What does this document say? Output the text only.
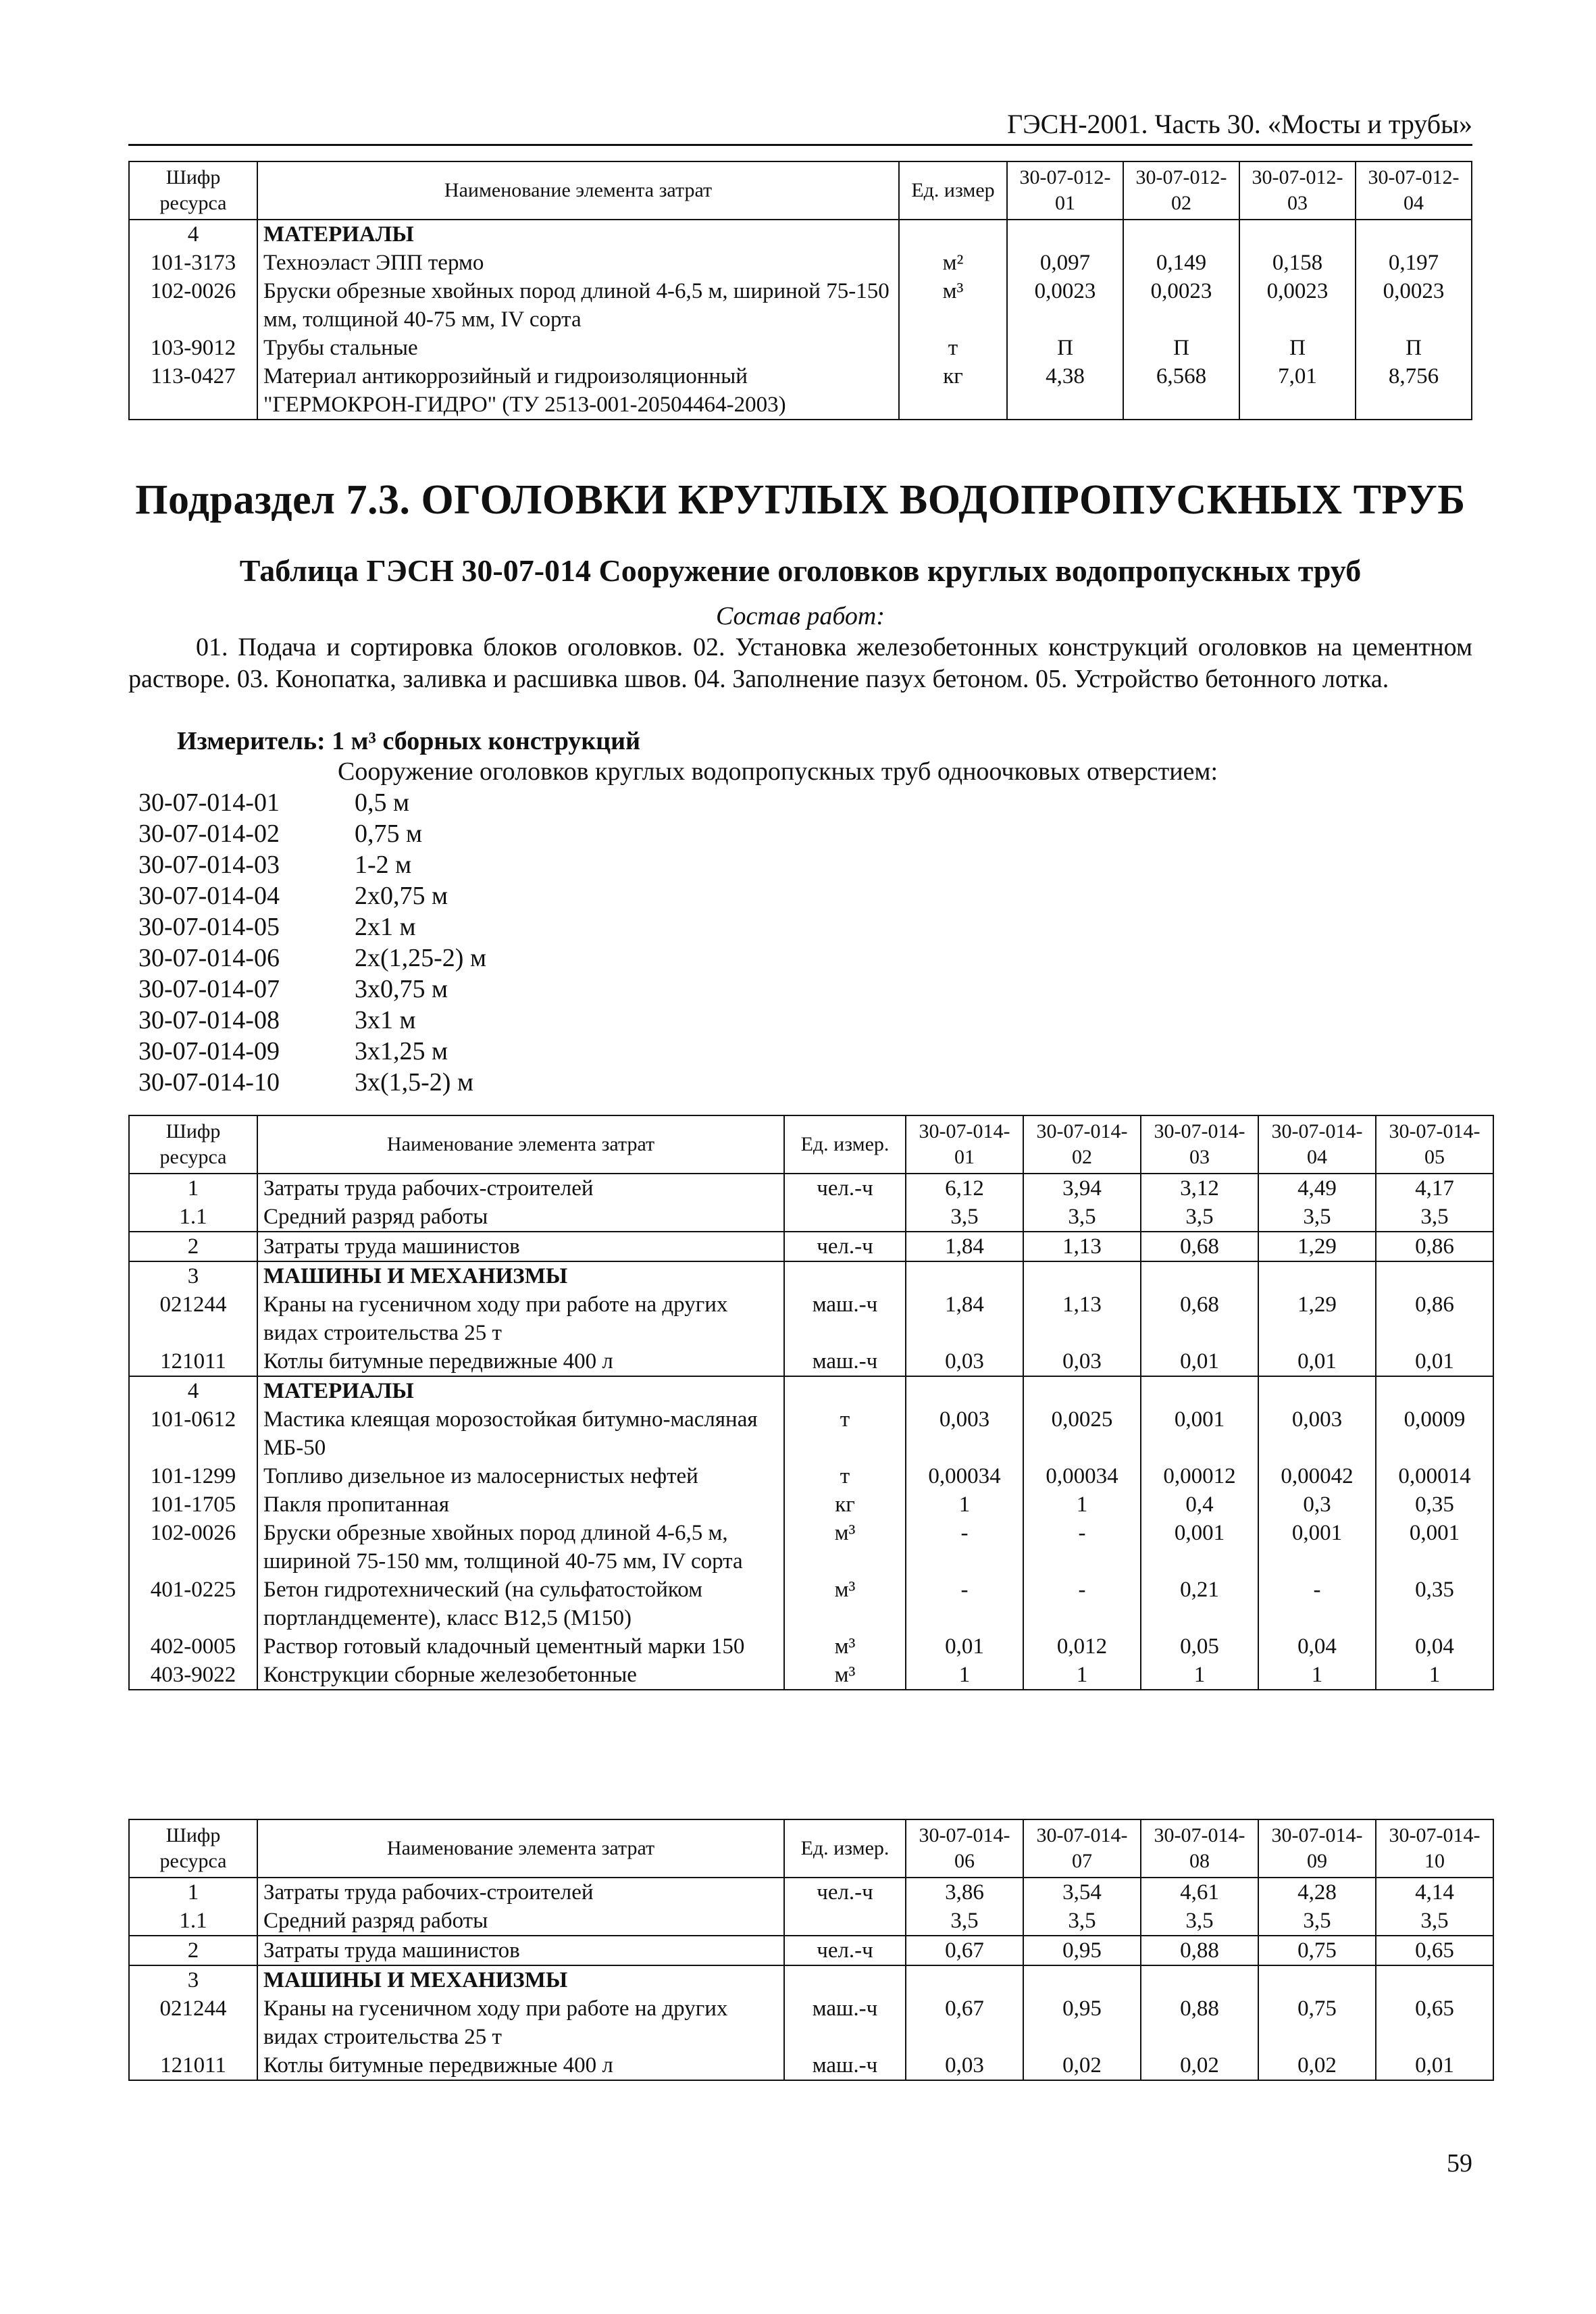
ГЭСН-2001. Часть 30. «Мосты и трубы»
Шифр ресурса	Наименование элемента затрат	Ед. измер	30-07-012-01	30-07-012-02	30-07-012-03	30-07-012-04
4	МАТЕРИАЛЫ					
101-3173	Техноэласт ЭПП термо	м²	0,097	0,149	0,158	0,197
102-0026	Бруски обрезные хвойных пород длиной 4-6,5 м, шириной 75-150 мм, толщиной 40-75 мм, IV сорта	м³	0,0023	0,0023	0,0023	0,0023
103-9012	Трубы стальные	т	П	П	П	П
113-0427	Материал антикоррозийный и гидроизоляционный "ГЕРМОКРОН-ГИДРО" (ТУ 2513-001-20504464-2003)	кг	4,38	6,568	7,01	8,756
Подраздел 7.3. ОГОЛОВКИ КРУГЛЫХ ВОДОПРОПУСКНЫХ ТРУБ
Таблица ГЭСН 30-07-014 Сооружение оголовков круглых водопропускных труб
Состав работ:
01. Подача и сортировка блоков оголовков. 02. Установка железобетонных конструкций оголовков на цементном растворе. 03. Конопатка, заливка и расшивка швов. 04. Заполнение пазух бетоном. 05. Устройство бетонного лотка.
Измеритель: 1 м³ сборных конструкций
Сооружение оголовков круглых водопропускных труб одноочковых отверстием:
30-07-014-01	0,5 м
30-07-014-02	0,75 м
30-07-014-03	1-2 м
30-07-014-04	2х0,75 м
30-07-014-05	2х1 м
30-07-014-06	2х(1,25-2) м
30-07-014-07	3х0,75 м
30-07-014-08	3х1 м
30-07-014-09	3х1,25 м
30-07-014-10	3х(1,5-2) м
Шифр ресурса	Наименование элемента затрат	Ед. измер.	30-07-014-01	30-07-014-02	30-07-014-03	30-07-014-04	30-07-014-05
1	Затраты труда рабочих-строителей	чел.-ч	6,12	3,94	3,12	4,49	4,17
1.1	Средний разряд работы		3,5	3,5	3,5	3,5	3,5
2	Затраты труда машинистов	чел.-ч	1,84	1,13	0,68	1,29	0,86
3	МАШИНЫ И МЕХАНИЗМЫ						
021244	Краны на гусеничном ходу при работе на других видах строительства 25 т	маш.-ч	1,84	1,13	0,68	1,29	0,86
121011	Котлы битумные передвижные 400 л	маш.-ч	0,03	0,03	0,01	0,01	0,01
4	МАТЕРИАЛЫ						
101-0612	Мастика клеящая морозостойкая битумно-масляная МБ-50	т	0,003	0,0025	0,001	0,003	0,0009
101-1299	Топливо дизельное из малосернистых нефтей	т	0,00034	0,00034	0,00012	0,00042	0,00014
101-1705	Пакля пропитанная	кг	1	1	0,4	0,3	0,35
102-0026	Бруски обрезные хвойных пород длиной 4-6,5 м, шириной 75-150 мм, толщиной 40-75 мм, IV сорта	м³	-	-	0,001	0,001	0,001
401-0225	Бетон гидротехнический (на сульфатостойком портландцементе), класс В12,5 (М150)	м³	-	-	0,21	-	0,35
402-0005	Раствор готовый кладочный цементный марки 150	м³	0,01	0,012	0,05	0,04	0,04
403-9022	Конструкции сборные железобетонные	м³	1	1	1	1	1
Шифр ресурса	Наименование элемента затрат	Ед. измер.	30-07-014-06	30-07-014-07	30-07-014-08	30-07-014-09	30-07-014-10
1	Затраты труда рабочих-строителей	чел.-ч	3,86	3,54	4,61	4,28	4,14
1.1	Средний разряд работы		3,5	3,5	3,5	3,5	3,5
2	Затраты труда машинистов	чел.-ч	0,67	0,95	0,88	0,75	0,65
3	МАШИНЫ И МЕХАНИЗМЫ						
021244	Краны на гусеничном ходу при работе на других видах строительства 25 т	маш.-ч	0,67	0,95	0,88	0,75	0,65
121011	Котлы битумные передвижные 400 л	маш.-ч	0,03	0,02	0,02	0,02	0,01
59
